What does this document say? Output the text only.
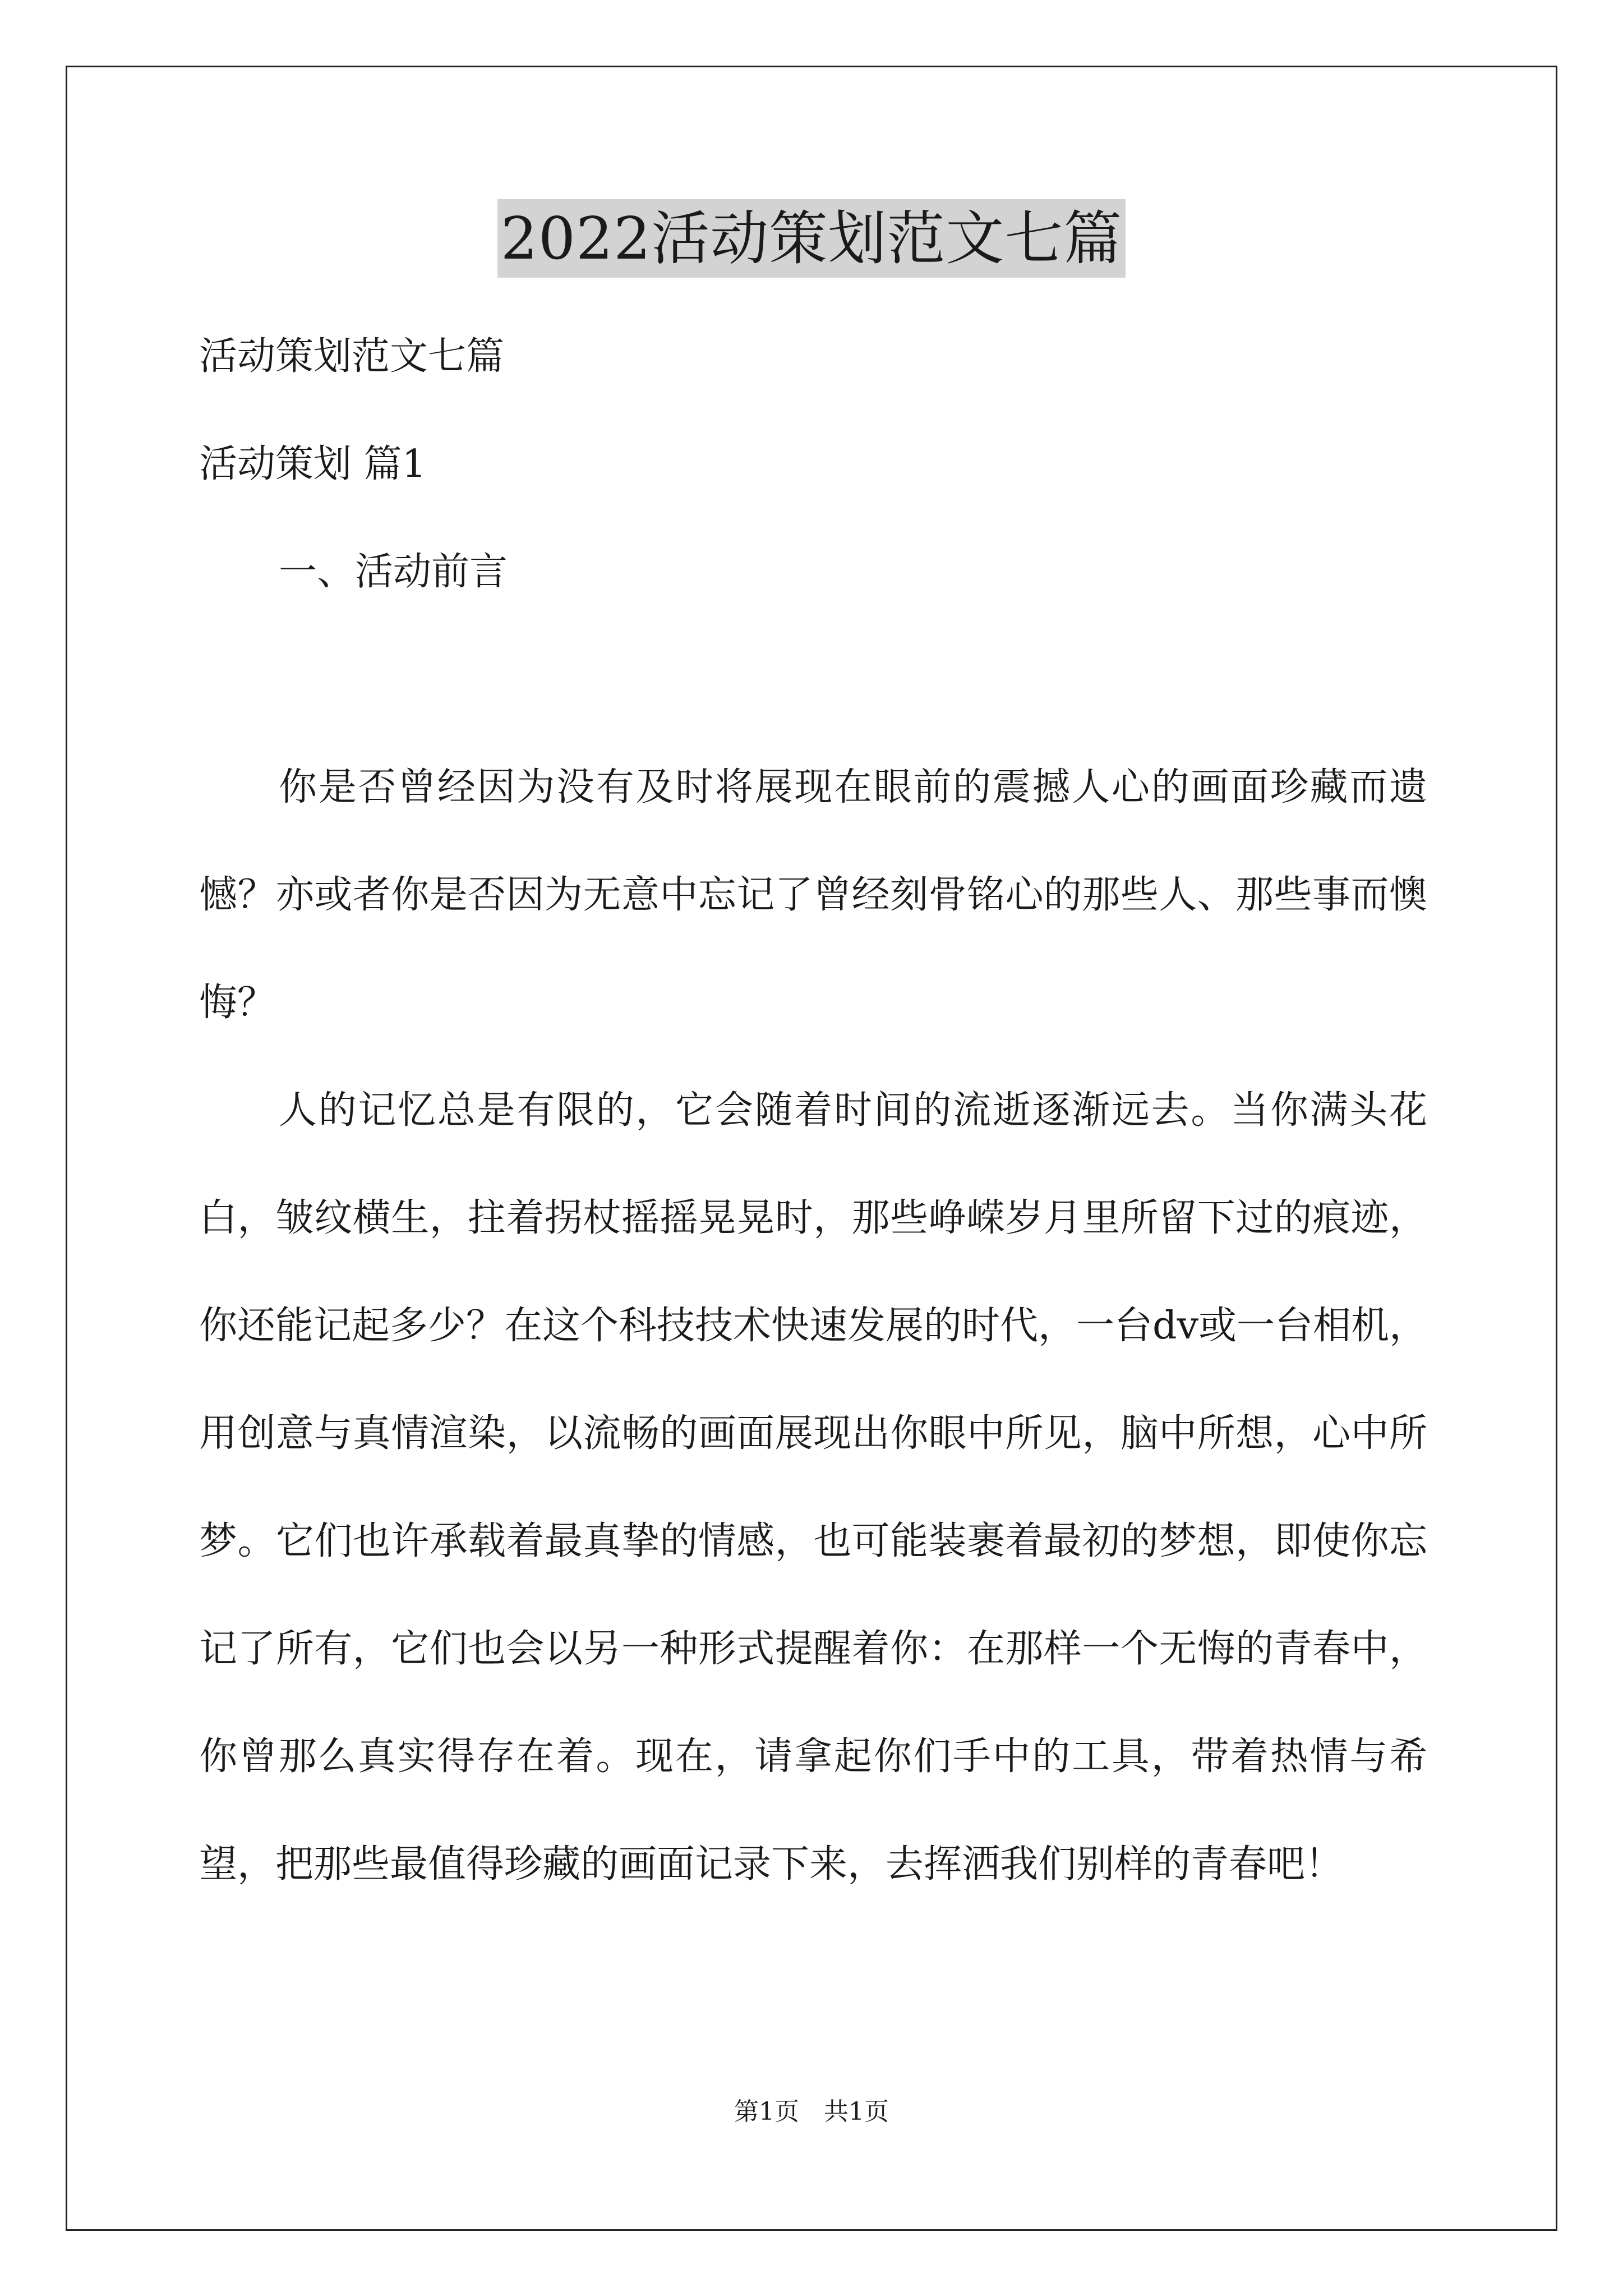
2022活动策划范文七篇

活动策划范文七篇

活动策划 篇1

一、活动前言

你是否曾经因为没有及时将展现在眼前的震撼人心的画面珍藏而遗憾？亦或者你是否因为无意中忘记了曾经刻骨铭心的那些人、那些事而懊悔？

人的记忆总是有限的，它会随着时间的流逝逐渐远去。当你满头花白，皱纹横生，拄着拐杖摇摇晃晃时，那些峥嵘岁月里所留下过的痕迹，你还能记起多少？在这个科技技术快速发展的时代，一台dv或一台相机，用创意与真情渲染，以流畅的画面展现出你眼中所见，脑中所想，心中所梦。它们也许承载着最真挚的情感，也可能装裹着最初的梦想，即使你忘记了所有，它们也会以另一种形式提醒着你：在那样一个无悔的青春中，你曾那么真实得存在着。现在，请拿起你们手中的工具，带着热情与希望，把那些最值得珍藏的画面记录下来，去挥洒我们别样的青春吧！

第1页　共1页
